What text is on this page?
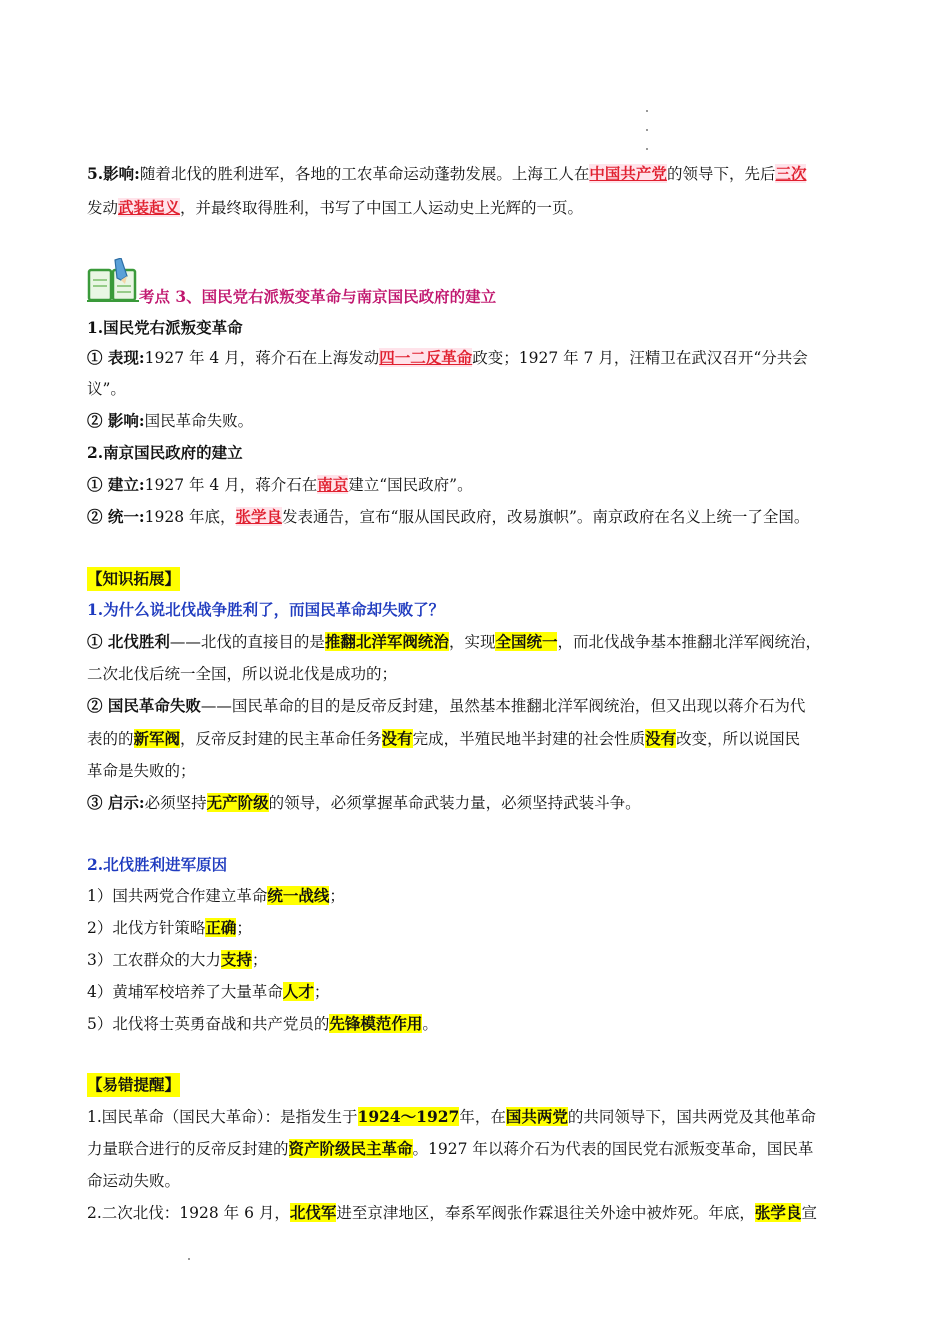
5.影响:随着北伐的胜利进军，各地的工农革命运动蓬勃发展。上海工人在中国共产党的领导下，先后三次
发动武装起义，并最终取得胜利，书写了中国工人运动史上光辉的一页。
考点 3、国民党右派叛变革命与南京国民政府的建立
1.国民党右派叛变革命
① 表现:1927 年 4 月，蒋介石在上海发动四一二反革命政变；1927 年 7 月，汪精卫在武汉召开“分共会
议”。
② 影响:国民革命失败。
2.南京国民政府的建立
① 建立:1927 年 4 月，蒋介石在南京建立“国民政府”。
② 统一:1928 年底，张学良发表通告，宣布“服从国民政府，改易旗帜”。南京政府在名义上统一了全国。
【知识拓展】
1.为什么说北伐战争胜利了，而国民革命却失败了？
① 北伐胜利——北伐的直接目的是推翻北洋军阀统治，实现全国统一，而北伐战争基本推翻北洋军阀统治，
二次北伐后统一全国，所以说北伐是成功的；
② 国民革命失败——国民革命的目的是反帝反封建，虽然基本推翻北洋军阀统治，但又出现以蒋介石为代
表的的新军阀，反帝反封建的民主革命任务没有完成，半殖民地半封建的社会性质没有改变，所以说国民
革命是失败的；
③ 启示:必须坚持无产阶级的领导，必须掌握革命武装力量，必须坚持武装斗争。
2.北伐胜利进军原因
1）国共两党合作建立革命统一战线；
2）北伐方针策略正确；
3）工农群众的大力支持；
4）黄埔军校培养了大量革命人才；
5）北伐将士英勇奋战和共产党员的先锋模范作用。
【易错提醒】
1.国民革命（国民大革命）：是指发生于1924～1927年，在国共两党的共同领导下，国共两党及其他革命
力量联合进行的反帝反封建的资产阶级民主革命。1927 年以蒋介石为代表的国民党右派叛变革命，国民革
命运动失败。
2.二次北伐：1928 年 6 月，北伐军进至京津地区，奉系军阀张作霖退往关外途中被炸死。年底，张学良宣
